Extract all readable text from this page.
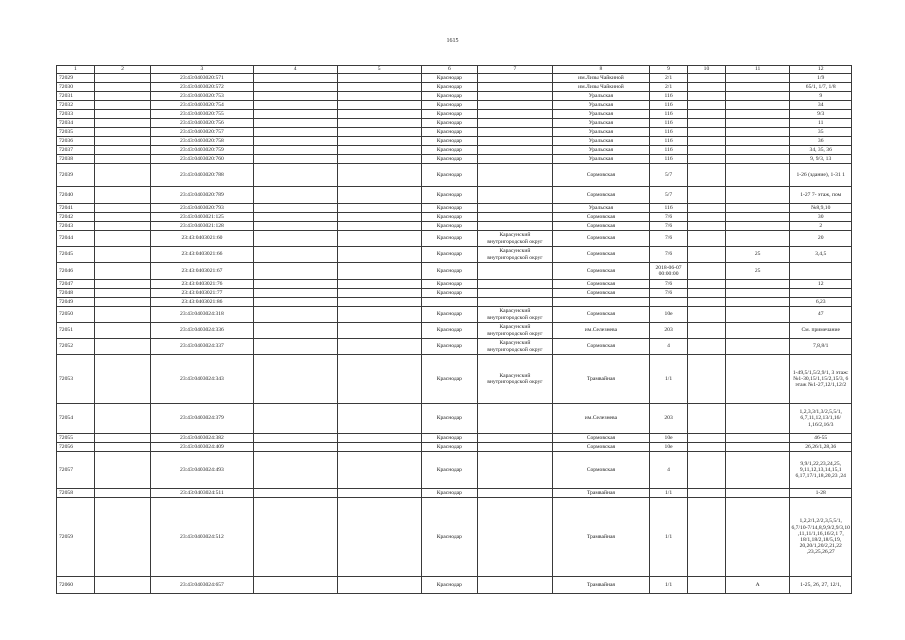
1615
1	2	3	4	5	6	7	8	9	10	11	12
72029		23:43:0403020:571			Краснодар		им.Лизы Чайкиной	2/1			1/9
72030		23:43:0403020:572			Краснодар		им.Лизы Чайкиной	2/1			65/1, 1/7, 1/8
72031		23:43:0403020:753			Краснодар		Уральская	116			9
72032		23:43:0403020:754			Краснодар		Уральская	116			34
72033		23:43:0403020:755			Краснодар		Уральская	116			9/3
72034		23:43:0403020:756			Краснодар		Уральская	116			11
72035		23:43:0403020:757			Краснодар		Уральская	116			35
72036		23:43:0403020:758			Краснодар		Уральская	116			36
72037		23:43:0403020:759			Краснодар		Уральская	116			34, 35, 36
72038		23:43:0403020:760			Краснодар		Уральская	116			9, 9/3, 13
72039		23:43:0403020:788			Краснодар		Сормовская	5/7			1-26 (здание), 1-31 1
72040		23:43:0403020:789			Краснодар		Сормовская	5/7			1-27 7- этаж, пом
72041		23:43:0403020:793			Краснодар		Уральская	116			№8,9,10
72042		23:43:0403021:125			Краснодар		Сормовская	7/6			30
72043		23:43:0403021:128			Краснодар		Сормовская	7/6			2
72044		23:43:0403021:60			Краснодар	Карасунский внутригородской округ	Сормовская	7/6			20
72045		23:43:0403021:66			Краснодар	Карасунский внутригородской округ	Сормовская	7/6		25	3,4,5
72046		23:43:0403021:67			Краснодар		Сормовская	2018-06-07 00:00:00		25	
72047		23:43:0403021:76			Краснодар		Сормовская	7/6			12
72048		23:43:0403021:77			Краснодар		Сормовская	7/6			
72049		23:43:0403021:86									6,23
72050		23:43:0403024:318			Краснодар	Карасунский внутригородской округ	Сормовская	10е			47
72051		23:43:0403024:336			Краснодар	Карасунский внутригородской округ	им.Селезнева	203			См. примечание
72052		23:43:0403024:337			Краснодар	Карасунский внутригородской округ	Сормовская	4			7,8,8/1
72053		23:43:0403024:343			Краснодар	Карасунский внутригородской округ	Трамвайная	1/1			1-49,5/1,5/2,9/1, 3 этаж: №1-30,15/1,15/2,15/3, 6 этаж №1-27,12/1,12/2
72054		23:43:0403024:379			Краснодар		им.Селезнева	203			1,2,3,3/1,3/2,5,5/1, 6,7,11,12,13/1,16/ 1,16/2,16/3
72055		23:43:0403024:382			Краснодар		Сормовская	10е			46-55
72056		23:43:0403024:409			Краснодар		Сормовская	10е			26,26/1,28,36
72057		23:43:0403024:493			Краснодар		Сормовская	4			9,9/1,22,23,24,25, 9,11,12,13,14,15,1 6,17,17/1,18,20,23 ,24
72058		23:43:0403024:511			Краснодар		Трамвайная	1/1			1-28
72059		23:43:0403024:512			Краснодар		Трамвайная	1/1			1,2,2/1,2/2,3,5,5/1, 6,7/10-7/14,8,9,9/2,9/3,10 ,11,11/1,16,16/2,1 7, 18/1,18/2,18/5,19, 20,20/1,20/2,21,22 ,23,25,26,27
72060		23:43:0403024:657			Краснодар		Трамвайная	1/1		А	1-25, 26, 27, 12/1,
